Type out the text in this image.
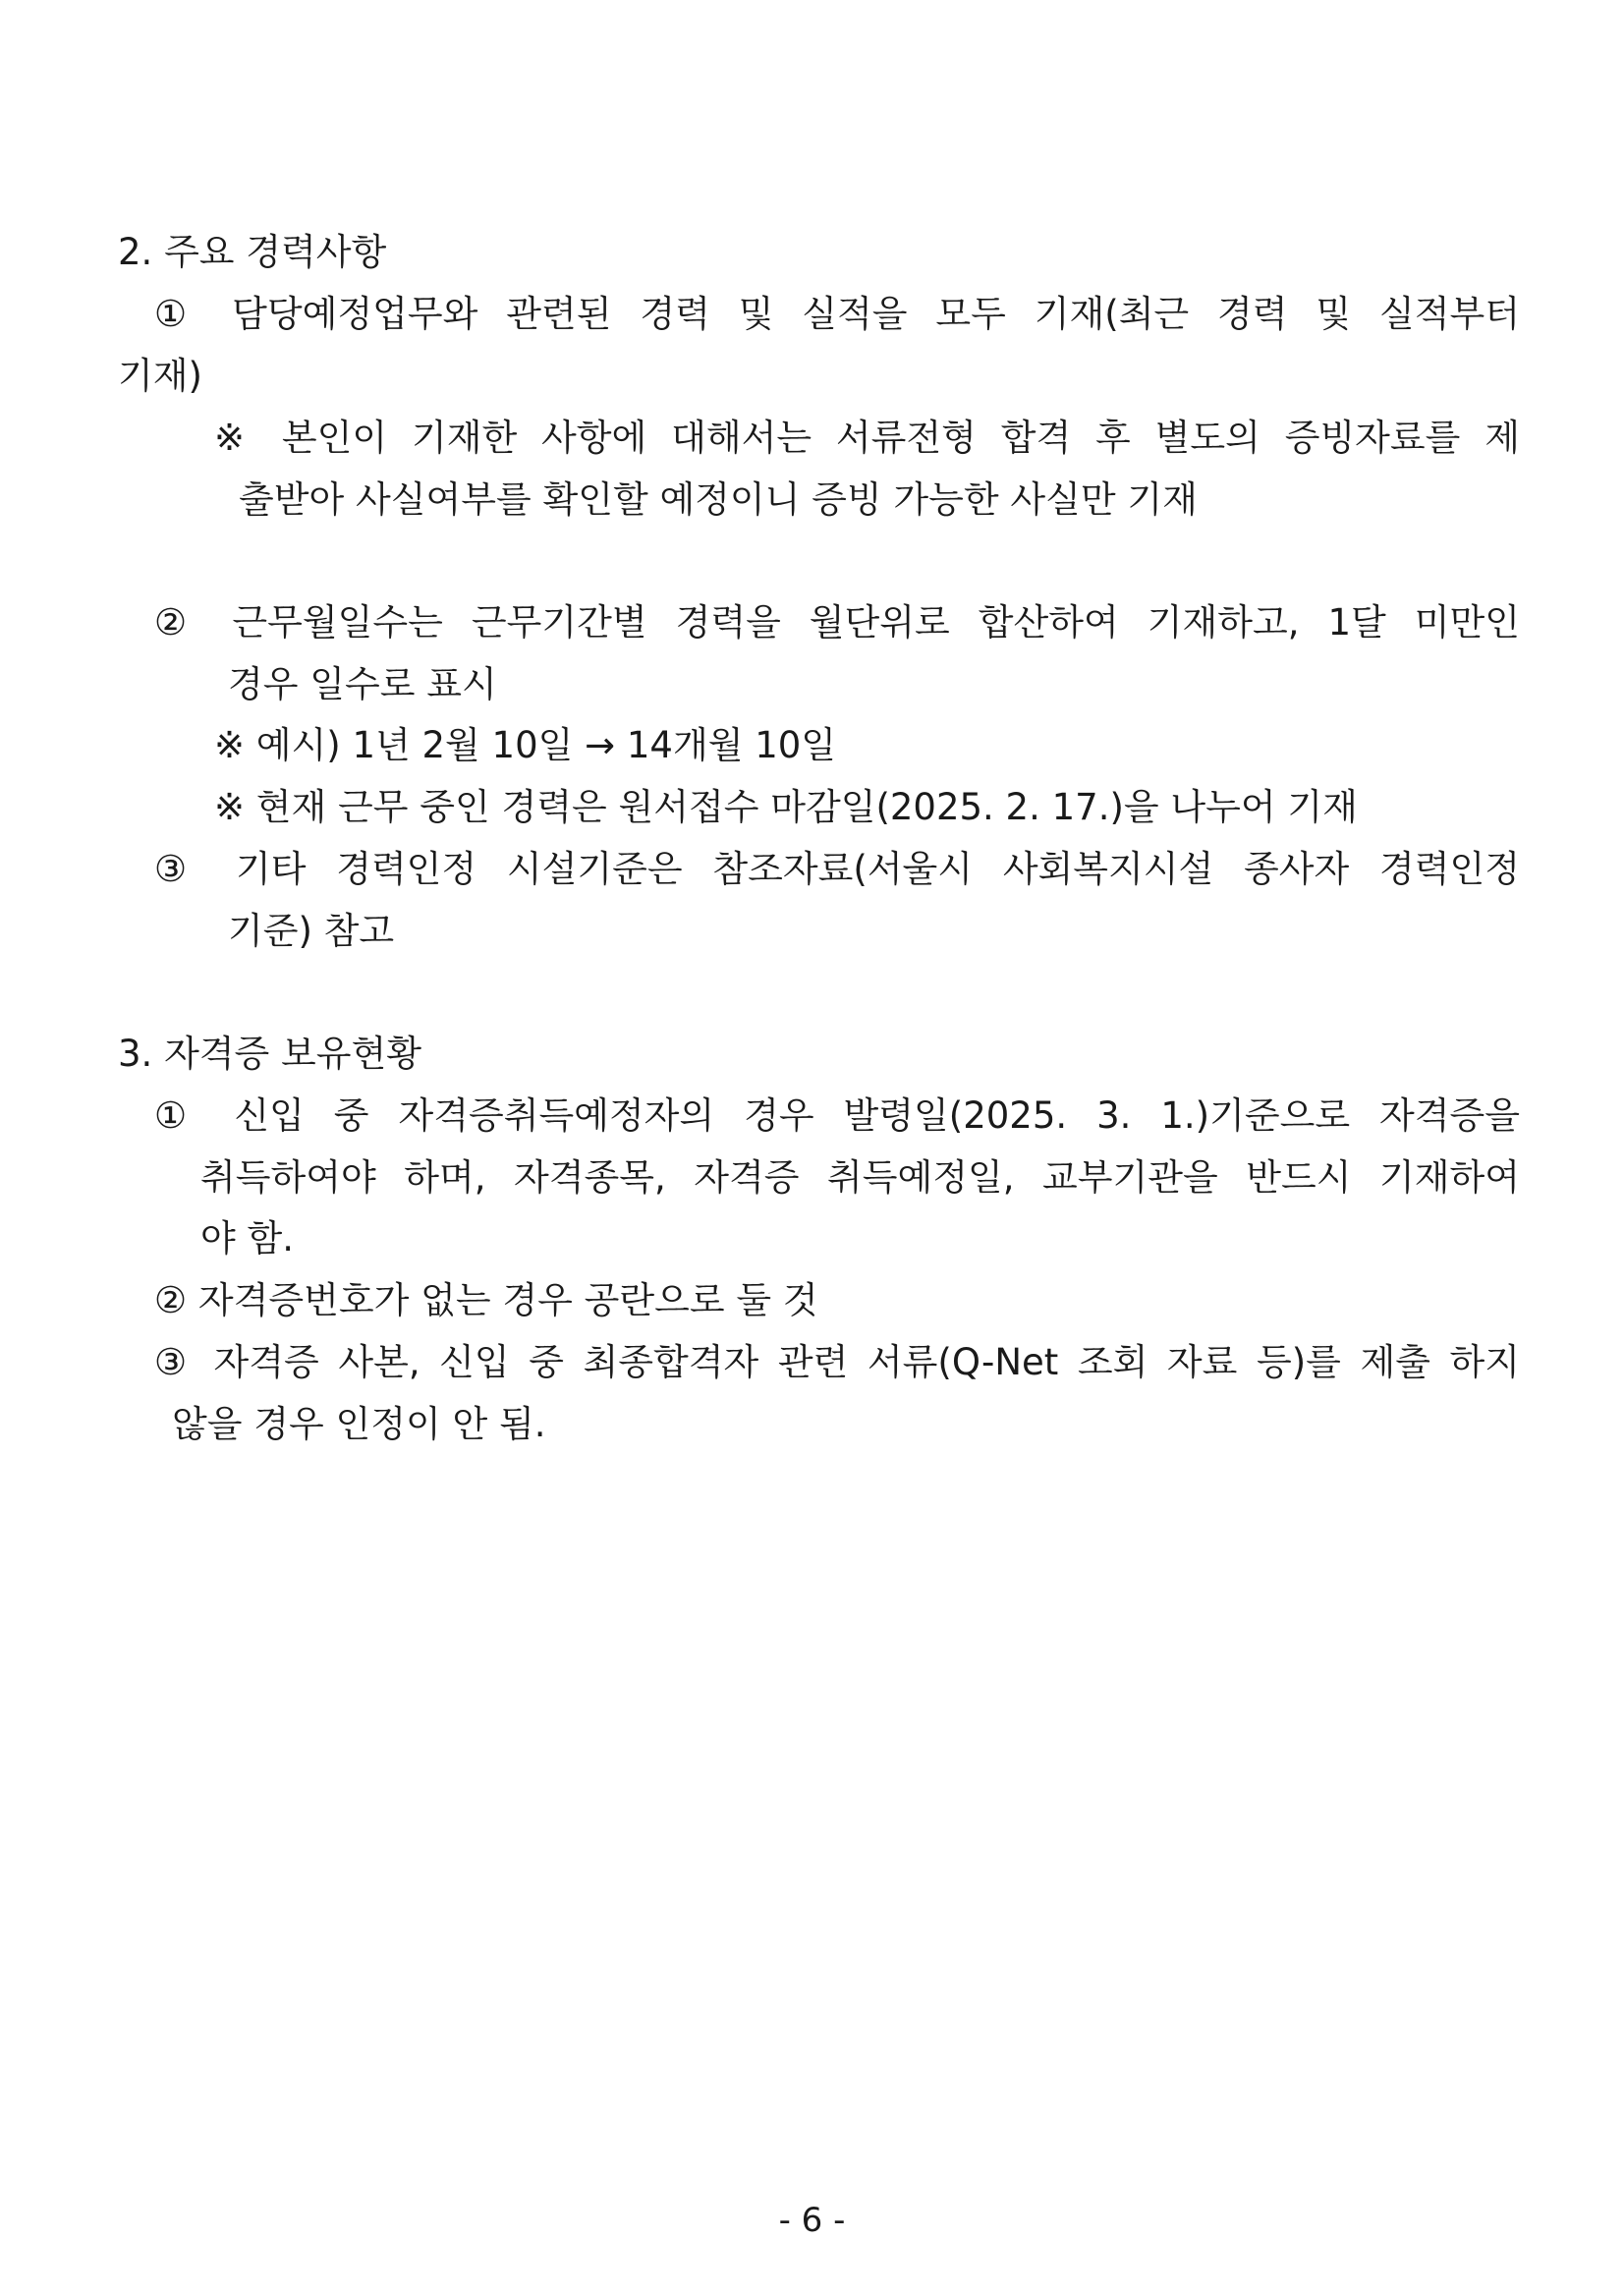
2. 주요 경력사항
① 담당예정업무와 관련된 경력 및 실적을 모두 기재(최근 경력 및 실적부터
기재)
※ 본인이 기재한 사항에 대해서는 서류전형 합격 후 별도의 증빙자료를 제
출받아 사실여부를 확인할 예정이니 증빙 가능한 사실만 기재
② 근무월일수는 근무기간별 경력을 월단위로 합산하여 기재하고, 1달 미만인
경우 일수로 표시
※ 예시) 1년 2월 10일 → 14개월 10일
※ 현재 근무 중인 경력은 원서접수 마감일(2025. 2. 17.)을 나누어 기재
③ 기타 경력인정 시설기준은 참조자료(서울시 사회복지시설 종사자 경력인정
기준) 참고
3. 자격증 보유현황
① 신입 중 자격증취득예정자의 경우 발령일(2025. 3. 1.)기준으로 자격증을
취득하여야 하며, 자격종목, 자격증 취득예정일, 교부기관을 반드시 기재하여
야 함.
② 자격증번호가 없는 경우 공란으로 둘 것
③ 자격증 사본, 신입 중 최종합격자 관련 서류(Q-Net 조회 자료 등)를 제출 하지
않을 경우 인정이 안 됨.
- 6 -
